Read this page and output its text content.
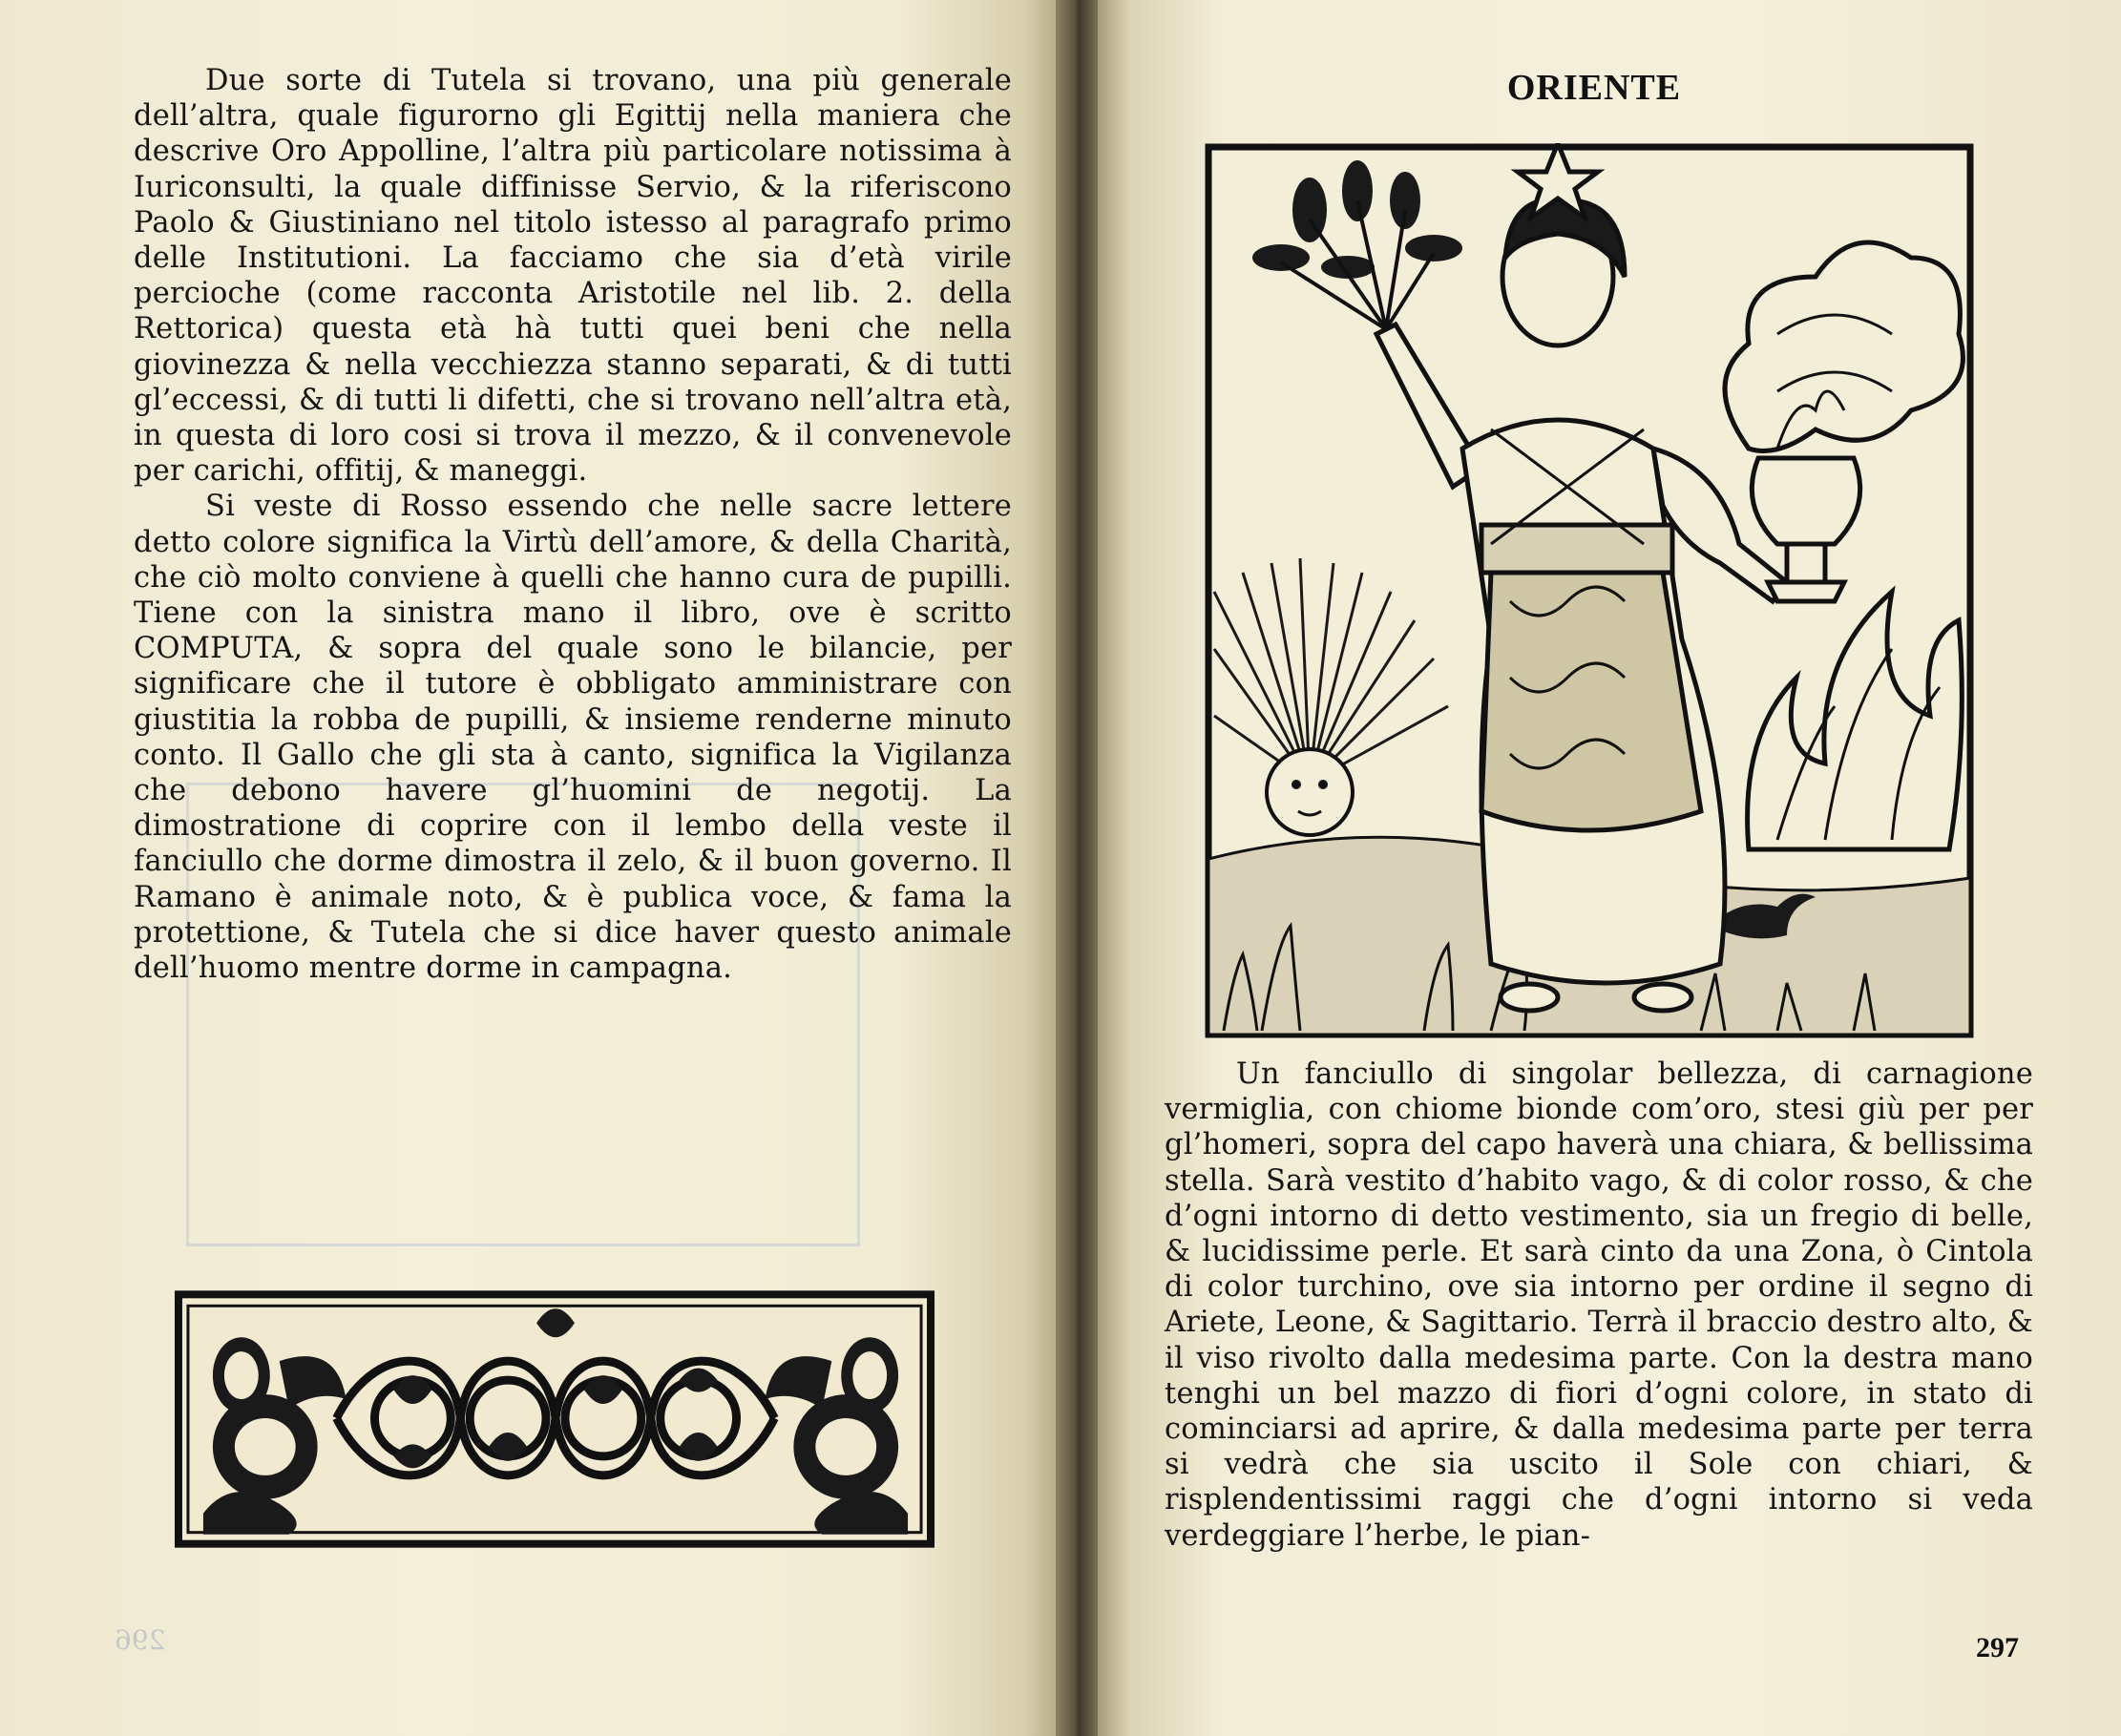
296

Due sorte di Tutela si trovano, una più generale dell’altra, quale figurorno gli Egittij nella maniera che descrive Oro Appolline, l’altra più particolare notissima à Iuriconsulti, la quale diffinisse Servio, & la riferiscono Paolo & Giustiniano nel titolo istesso al paragrafo primo delle Institutioni. La facciamo che sia d’età virile percioche (come racconta Aristotile nel lib. 2. della Rettorica) questa età hà tutti quei beni che nella giovinezza & nella vecchiezza stanno separati, & di tutti gl’eccessi, & di tutti li difetti, che si trovano nell’altra età, in questa di loro cosi si trova il mezzo, & il convenevole per carichi, offitij, & maneggi.

Si veste di Rosso essendo che nelle sacre lettere detto colore significa la Virtù dell’amore, & della Charità, che ciò molto conviene à quelli che hanno cura de pupilli. Tiene con la sinistra mano il libro, ove è scritto COMPUTA, & sopra del quale sono le bilancie, per significare che il tutore è obbligato amministrare con giustitia la robba de pupilli, & insieme renderne minuto conto. Il Gallo che gli sta à canto, significa la Vigilanza che debono havere gl’huomini de negotij. La dimostratione di coprire con il lembo della veste il fanciullo che dorme dimostra il zelo, & il buon governo. Il Ramano è animale noto, & è publica voce, & fama la protettione, & Tutela che si dice haver questo animale dell’huomo mentre dorme in campagna.

ORIENTE

Un fanciullo di singolar bellezza, di carnagione vermiglia, con chiome bionde com’oro, stesi giù per per gl’homeri, sopra del capo haverà una chiara, & bellissima stella. Sarà vestito d’habito vago, & di color rosso, & che d’ogni intorno di detto vestimento, sia un fregio di belle, & lucidissime perle. Et sarà cinto da una Zona, ò Cintola di color turchino, ove sia intorno per ordine il segno di Ariete, Leone, & Sagittario. Terrà il braccio destro alto, & il viso rivolto dalla medesima parte. Con la destra mano tenghi un bel mazzo di fiori d’ogni colore, in stato di cominciarsi ad aprire, & dalla medesima parte per terra si vedrà che sia uscito il Sole con chiari, & risplendentissimi raggi che d’ogni intorno si veda verdeggiare l’herbe, le pian-

297
